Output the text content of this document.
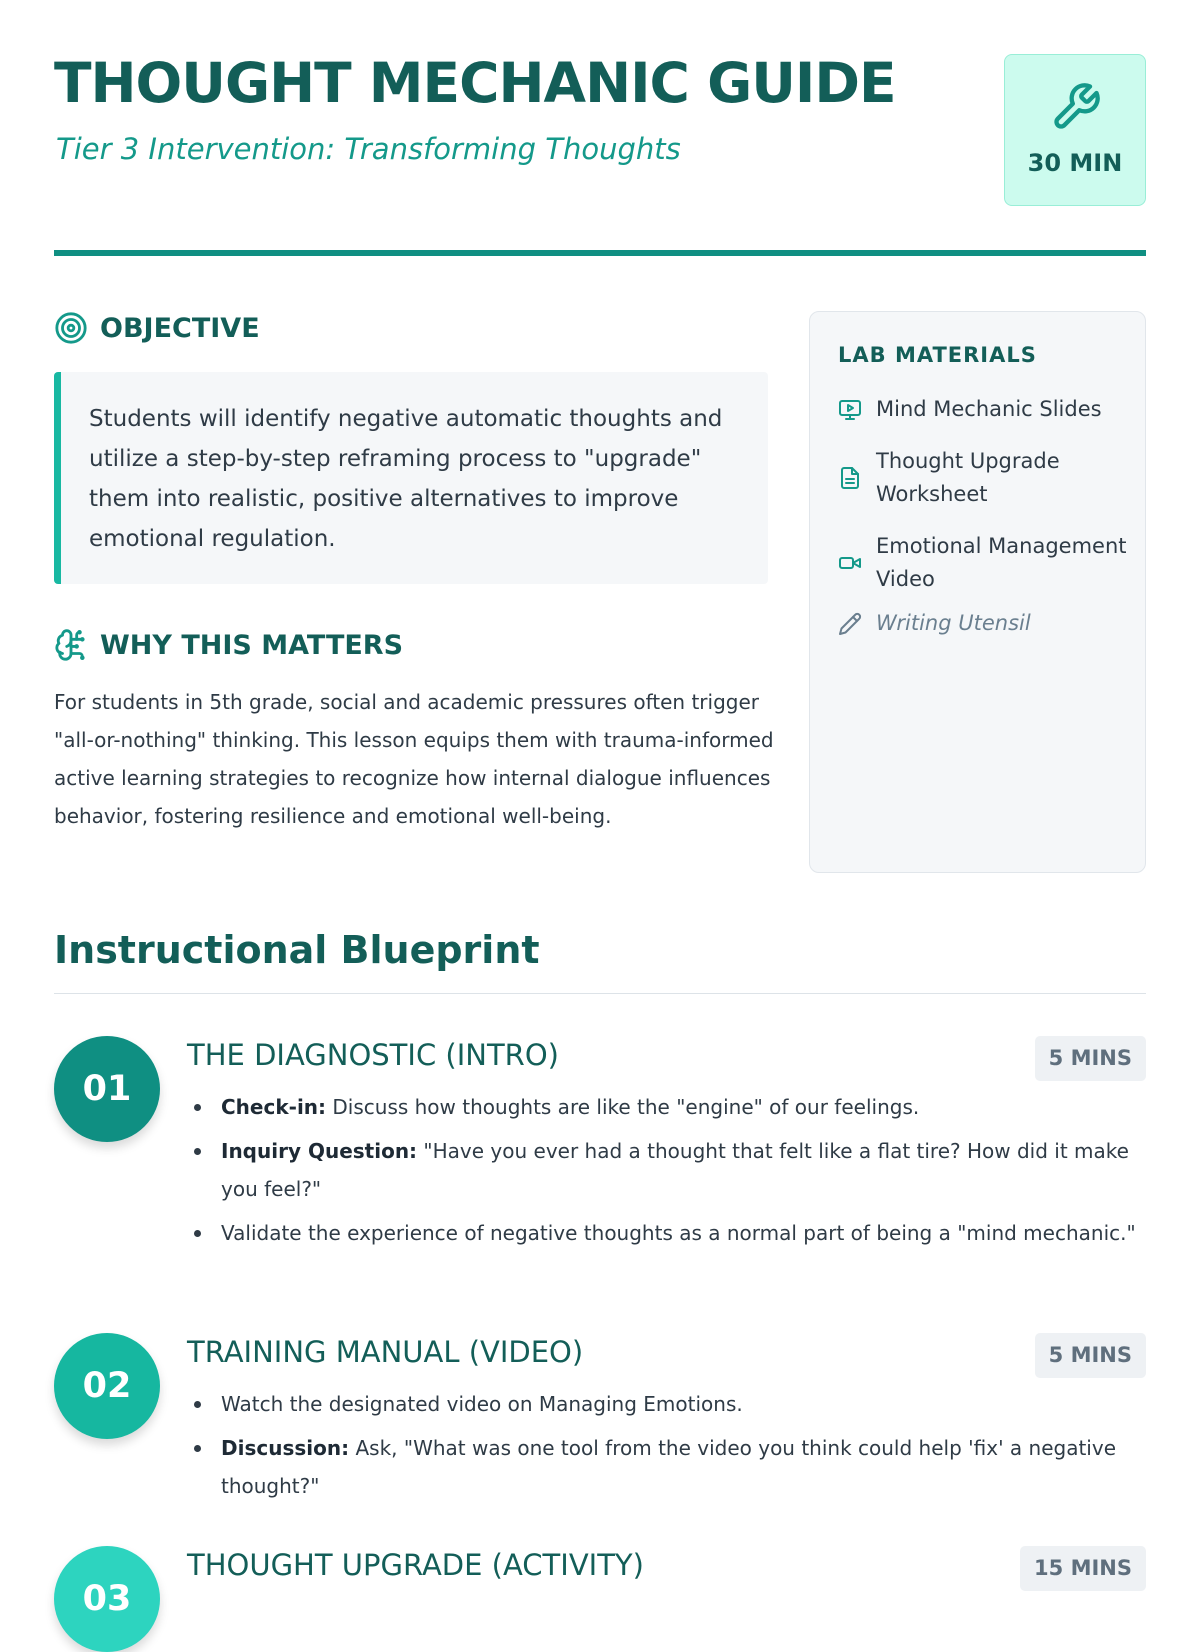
THOUGHT MECHANIC GUIDE

Tier 3 Intervention: Transforming Thoughts	30 MIN
OBJECTIVE
Students will identify negative automatic thoughts and utilize a step-by-step reframing process to "upgrade" them into realistic, positive alternatives to improve emotional regulation.
WHY THIS MATTERS
For students in 5th grade, social and academic pressures often trigger "all-or-nothing" thinking. This lesson equips them with trauma-informed active learning strategies to recognize how internal dialogue influences behavior, fostering resilience and emotional well-being.
LAB MATERIALS
Mind Mechanic Slides
Thought Upgrade Worksheet
Emotional Management Video
Writing Utensil
Instructional Blueprint
01
THE DIAGNOSTIC (INTRO)	5 MINS
Check-in: Discuss how thoughts are like the "engine" of our feelings.
Inquiry Question: "Have you ever had a thought that felt like a flat tire? How did it make you feel?"
Validate the experience of negative thoughts as a normal part of being a "mind mechanic."
02
TRAINING MANUAL (VIDEO)	5 MINS
Watch the designated video on Managing Emotions.
Discussion: Ask, "What was one tool from the video you think could help 'fix' a negative thought?"
03
THOUGHT UPGRADE (ACTIVITY)	15 MINS
